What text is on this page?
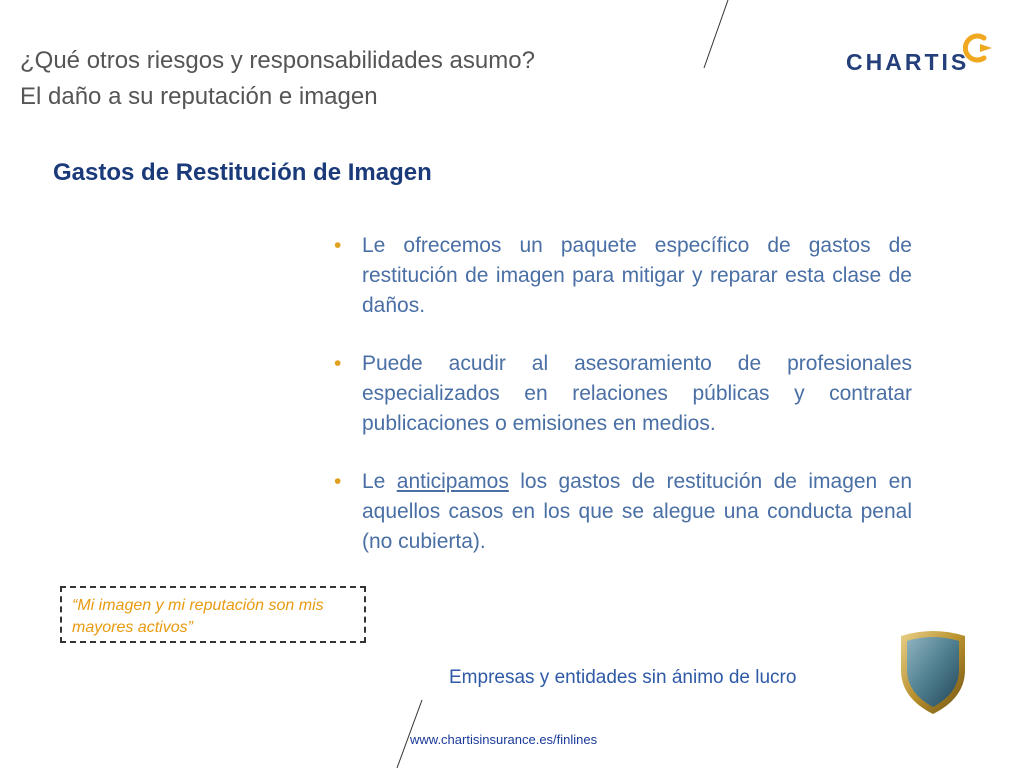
¿Qué otros riesgos y responsabilidades asumo?
El daño a su reputación e imagen
CHARTIS
Gastos de Restitución de Imagen
• Le ofrecemos un paquete específico de gastos de restitución de imagen para mitigar y reparar esta clase de daños.
• Puede acudir al asesoramiento de profesionales especializados en relaciones públicas y contratar publicaciones o emisiones en medios.
• Le anticipamos los gastos de restitución de imagen en aquellos casos en los que se alegue una conducta penal (no cubierta).
“Mi imagen y mi reputación son mis mayores activos”
Empresas y entidades sin ánimo de lucro
www.chartisinsurance.es/finlines
